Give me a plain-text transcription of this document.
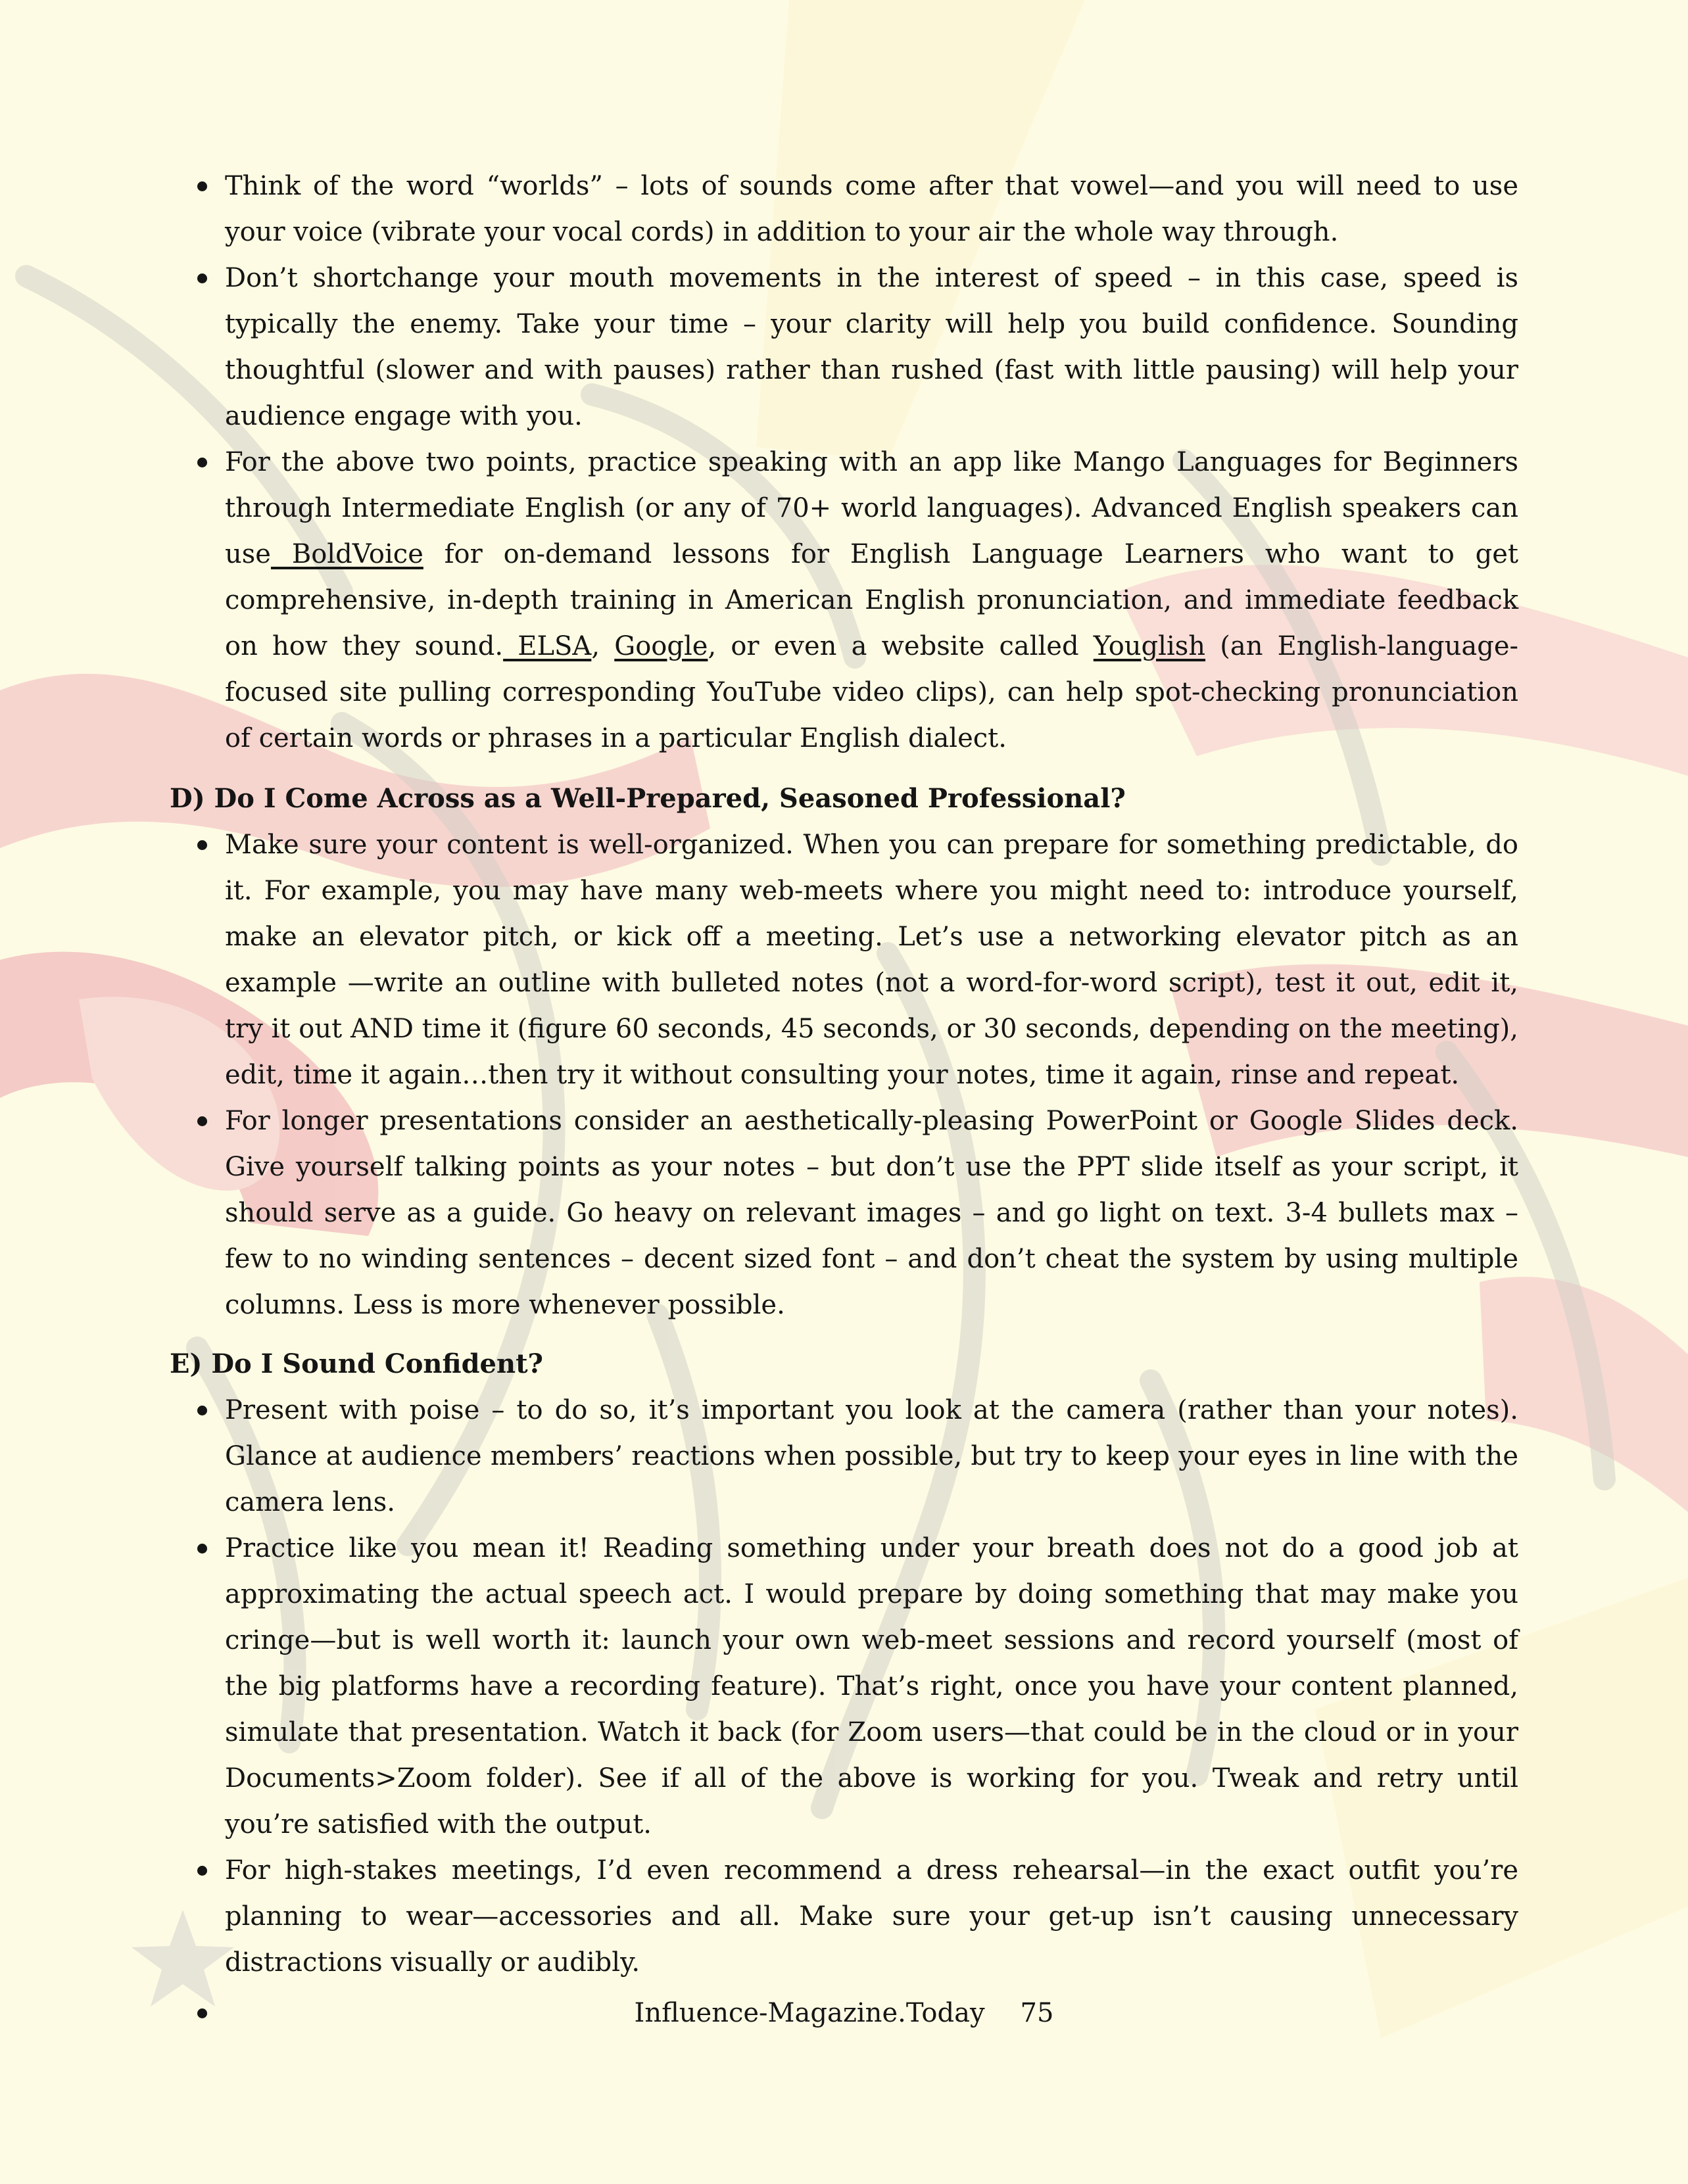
Think of the word “worlds” – lots of sounds come after that vowel—and you will need to use your voice (vibrate your vocal cords) in addition to your air the whole way through.
Don’t shortchange your mouth movements in the interest of speed – in this case, speed is typically the enemy. Take your time – your clarity will help you build confidence. Sounding thoughtful (slower and with pauses) rather than rushed (fast with little pausing) will help your audience engage with you.
For the above two points, practice speaking with an app like Mango Languages for Beginners through Intermediate English (or any of 70+ world languages). Advanced English speakers can use BoldVoice for on-demand lessons for English Language Learners who want to get comprehensive, in-depth training in American English pronunciation, and immediate feedback on how they sound. ELSA, Google, or even a website called Youglish (an English-language-focused site pulling corresponding YouTube video clips), can help spot-checking pronunciation of certain words or phrases in a particular English dialect.
D) Do I Come Across as a Well-Prepared, Seasoned Professional?
Make sure your content is well-organized. When you can prepare for something predictable, do it. For example, you may have many web-meets where you might need to: introduce yourself, make an elevator pitch, or kick off a meeting. Let’s use a networking elevator pitch as an example —write an outline with bulleted notes (not a word-for-word script), test it out, edit it, try it out AND time it (figure 60 seconds, 45 seconds, or 30 seconds, depending on the meeting), edit, time it again…then try it without consulting your notes, time it again, rinse and repeat.
For longer presentations consider an aesthetically-pleasing PowerPoint or Google Slides deck. Give yourself talking points as your notes – but don’t use the PPT slide itself as your script, it should serve as a guide. Go heavy on relevant images – and go light on text. 3-4 bullets max – few to no winding sentences – decent sized font – and don’t cheat the system by using multiple columns. Less is more whenever possible.
E) Do I Sound Confident?
Present with poise – to do so, it’s important you look at the camera (rather than your notes). Glance at audience members’ reactions when possible, but try to keep your eyes in line with the camera lens.
Practice like you mean it! Reading something under your breath does not do a good job at approximating the actual speech act. I would prepare by doing something that may make you cringe—but is well worth it: launch your own web-meet sessions and record yourself (most of the big platforms have a recording feature). That’s right, once you have your content planned, simulate that presentation. Watch it back (for Zoom users—that could be in the cloud or in your Documents>Zoom folder). See if all of the above is working for you. Tweak and retry until you’re satisfied with the output.
For high-stakes meetings, I’d even recommend a dress rehearsal—in the exact outfit you’re planning to wear—accessories and all. Make sure your get-up isn’t causing unnecessary distractions visually or audibly.
Influence-Magazine.Today 75
